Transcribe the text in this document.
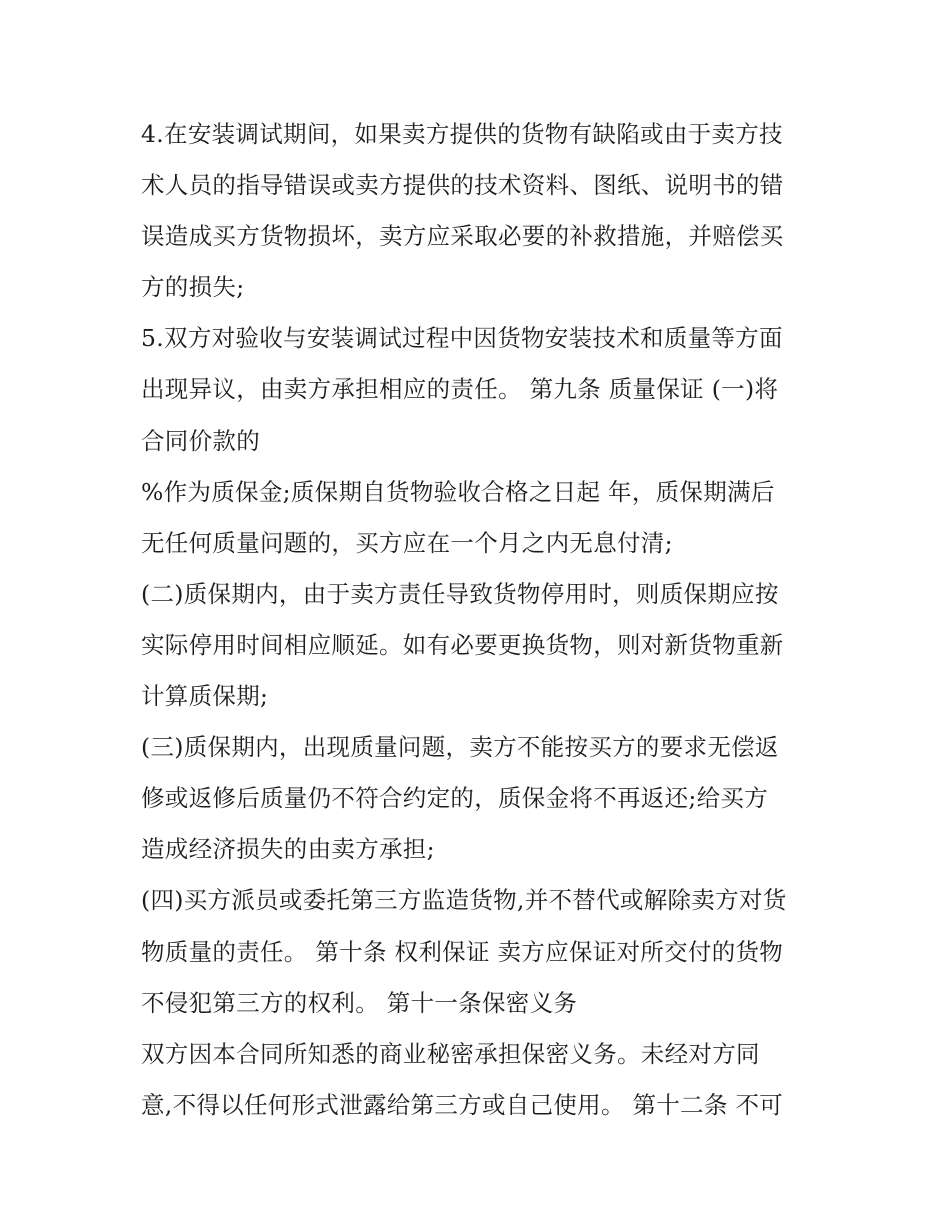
4.在安装调试期间，如果卖方提供的货物有缺陷或由于卖方技
术人员的指导错误或卖方提供的技术资料、图纸、说明书的错
误造成买方货物损坏，卖方应采取必要的补救措施，并赔偿买
方的损失;
5.双方对验收与安装调试过程中因货物安装技术和质量等方面
出现异议，由卖方承担相应的责任。 第九条 质量保证 (一)将
合同价款的
%作为质保金;质保期自货物验收合格之日起 年，质保期满后
无任何质量问题的，买方应在一个月之内无息付清;
(二)质保期内，由于卖方责任导致货物停用时，则质保期应按
实际停用时间相应顺延。如有必要更换货物，则对新货物重新
计算质保期;
(三)质保期内，出现质量问题，卖方不能按买方的要求无偿返
修或返修后质量仍不符合约定的，质保金将不再返还;给买方
造成经济损失的由卖方承担;
(四)买方派员或委托第三方监造货物,并不替代或解除卖方对货
物质量的责任。 第十条 权利保证 卖方应保证对所交付的货物
不侵犯第三方的权利。 第十一条保密义务
双方因本合同所知悉的商业秘密承担保密义务。未经对方同
意,不得以任何形式泄露给第三方或自己使用。 第十二条 不可
